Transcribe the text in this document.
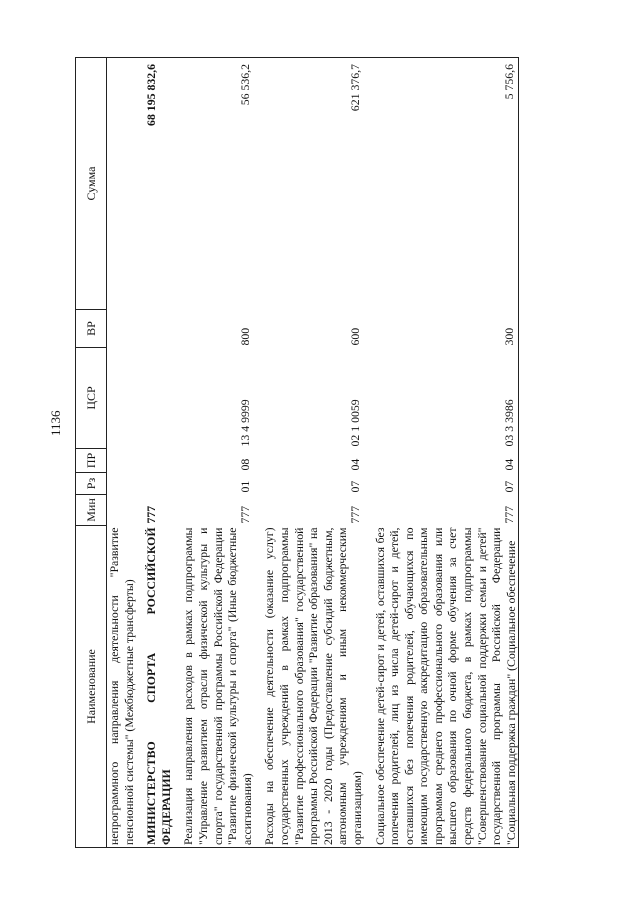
1136
Наименование	Мин	Рз	ПР	ЦСР	ВР	Сумма
непрограммного направления деятельности "Развитие пенсионной системы" (Межбюджетные трансферты)						

МИНИСТЕРСТВО СПОРТА РОССИЙСКОЙ ФЕДЕРАЦИИ	777					68 195 832,6

Реализация направления расходов в рамках подпрограммы "Управление развитием отрасли физической культуры и спорта" государственной программы Российской Федерации "Развитие физической культуры и спорта" (Иные бюджетные ассигнования)	777	01	08	13 4 9999	800	56 536,2

Расходы на обеспечение деятельности (оказание услуг) государственных учреждений в рамках подпрограммы "Развитие профессионального образования" государственной программы Российской Федерации "Развитие образования" на 2013 - 2020 годы (Предоставление субсидий бюджетным, автономным учреждениям и иным некоммерческим организациям)	777	07	04	02 1 0059	600	621 376,7

Социальное обеспечение детей-сирот и детей, оставшихся без попечения родителей, лиц из числа детей-сирот и детей, оставшихся без попечения родителей, обучающихся по имеющим государственную аккредитацию образовательным программам среднего профессионального образования или высшего образования по очной форме обучения за счет средств федерального бюджета, в рамках подпрограммы "Совершенствование социальной поддержки семьи и детей" государственной программы Российской Федерации "Социальная поддержка граждан" (Социальное обеспечение	777	07	04	03 3 3986	300	5 756,6
